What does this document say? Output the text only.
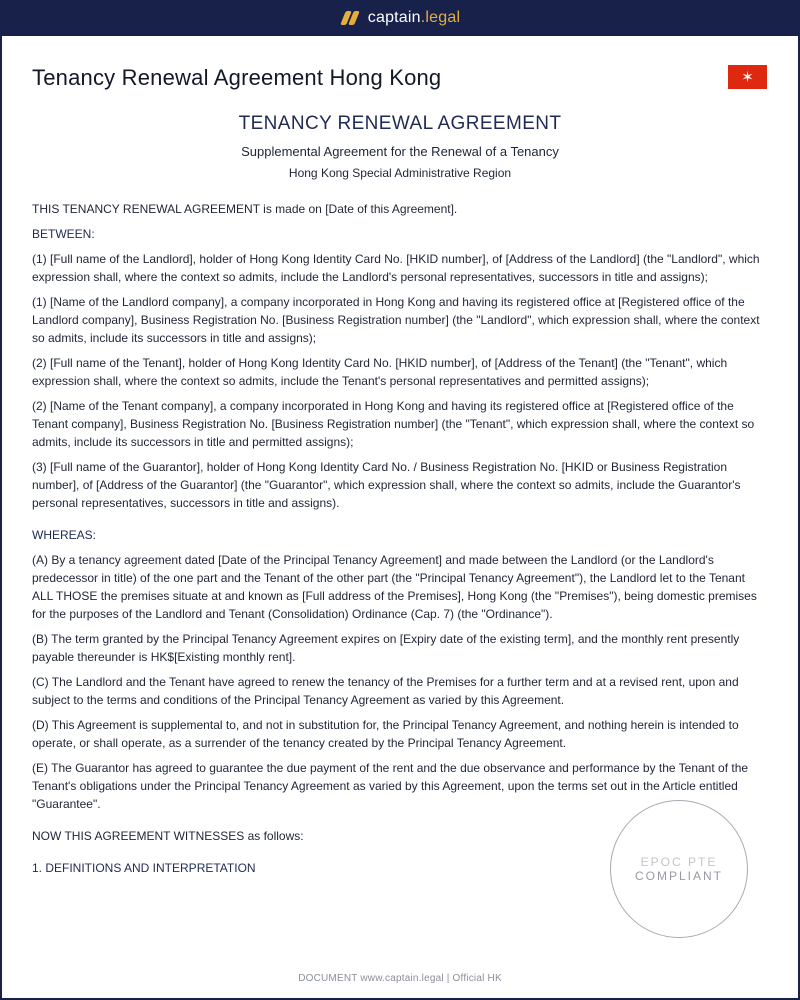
captain.legal
Tenancy Renewal Agreement Hong Kong	✶
TENANCY RENEWAL AGREEMENT
Supplemental Agreement for the Renewal of a Tenancy
Hong Kong Special Administrative Region

THIS TENANCY RENEWAL AGREEMENT is made on [Date of this Agreement].

BETWEEN:

(1) [Full name of the Landlord], holder of Hong Kong Identity Card No. [HKID number], of [Address of the Landlord] (the "Landlord", which expression shall, where the context so admits, include the Landlord's personal representatives, successors in title and assigns);

(1) [Name of the Landlord company], a company incorporated in Hong Kong and having its registered office at [Registered office of the Landlord company], Business Registration No. [Business Registration number] (the "Landlord", which expression shall, where the context so admits, include its successors in title and assigns);

(2) [Full name of the Tenant], holder of Hong Kong Identity Card No. [HKID number], of [Address of the Tenant] (the "Tenant", which expression shall, where the context so admits, include the Tenant's personal representatives and permitted assigns);

(2) [Name of the Tenant company], a company incorporated in Hong Kong and having its registered office at [Registered office of the Tenant company], Business Registration No. [Business Registration number] (the "Tenant", which expression shall, where the context so admits, include its successors in title and permitted assigns);

(3) [Full name of the Guarantor], holder of Hong Kong Identity Card No. / Business Registration No. [HKID or Business Registration number], of [Address of the Guarantor] (the "Guarantor", which expression shall, where the context so admits, include the Guarantor's personal representatives, successors in title and assigns).

WHEREAS:

(A) By a tenancy agreement dated [Date of the Principal Tenancy Agreement] and made between the Landlord (or the Landlord's predecessor in title) of the one part and the Tenant of the other part (the "Principal Tenancy Agreement"), the Landlord let to the Tenant ALL THOSE the premises situate at and known as [Full address of the Premises], Hong Kong (the "Premises"), being domestic premises for the purposes of the Landlord and Tenant (Consolidation) Ordinance (Cap. 7) (the "Ordinance").

(B) The term granted by the Principal Tenancy Agreement expires on [Expiry date of the existing term], and the monthly rent presently payable thereunder is HK$[Existing monthly rent].

(C) The Landlord and the Tenant have agreed to renew the tenancy of the Premises for a further term and at a revised rent, upon and subject to the terms and conditions of the Principal Tenancy Agreement as varied by this Agreement.

(D) This Agreement is supplemental to, and not in substitution for, the Principal Tenancy Agreement, and nothing herein is intended to operate, or shall operate, as a surrender of the tenancy created by the Principal Tenancy Agreement.

(E) The Guarantor has agreed to guarantee the due payment of the rent and the due observance and performance by the Tenant of the Tenant's obligations under the Principal Tenancy Agreement as varied by this Agreement, upon the terms set out in the Article entitled "Guarantee".

NOW THIS AGREEMENT WITNESSES as follows:

1. DEFINITIONS AND INTERPRETATION	EPOC PTE
COMPLIANT
DOCUMENT www.captain.legal | Official HK
